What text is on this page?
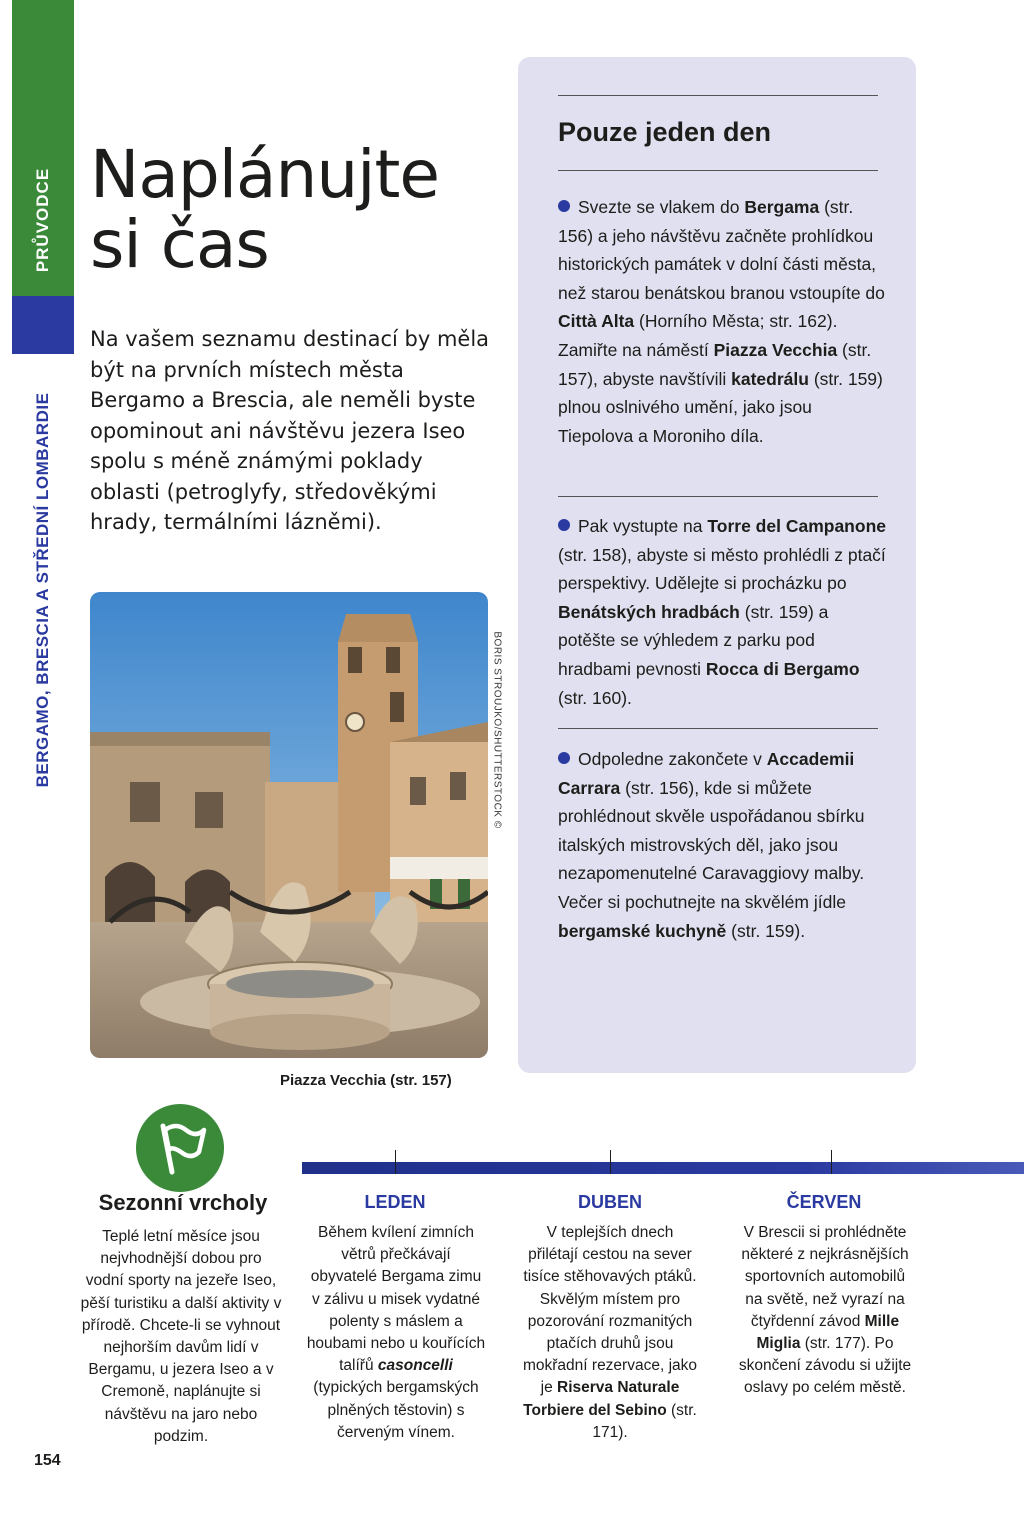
PRŮVODCE
BERGAMO, BRESCIA A STŘEDNÍ LOMBARDIE
Naplánujte
si čas

Na vašem seznamu destinací by měla být na prvních místech města Bergamo a Brescia, ale neměli byste opominout ani návštěvu jezera Iseo spolu s méně známými poklady oblasti (petroglyfy, středověkými hrady, termálními lázněmi).

BORIS STROUJKO/SHUTTERSTOCK ©

Piazza Vecchia (str. 157)

Pouze jeden den

Svezte se vlakem do Bergama (str. 156) a jeho návštěvu začněte prohlídkou historických památek v dolní části města, než starou benátskou branou vstoupíte do Città Alta (Horního Města; str. 162). Zamiřte na náměstí Piazza Vecchia (str. 157), abyste navštívili katedrálu (str. 159) plnou oslnivého umění, jako jsou Tiepolova a Moroniho díla.

Pak vystupte na Torre del Campanone (str. 158), abyste si město prohlédli z ptačí perspektivy. Udělejte si procházku po Benátských hradbách (str. 159) a potěšte se výhledem z parku pod hradbami pevnosti Rocca di Bergamo (str. 160).

Odpoledne zakončete v Accademii Carrara (str. 156), kde si můžete prohlédnout skvěle uspořádanou sbírku italských mistrovských děl, jako jsou nezapomenutelné Caravaggiovy malby. Večer si pochutnejte na skvělém jídle bergamské kuchyně (str. 159).

Sezonní vrcholy

Teplé letní měsíce jsou nejvhodnější dobou pro vodní sporty na jezeře Iseo, pěší turistiku a další aktivity v přírodě. Chcete-li se vyhnout nejhorším davům lidí v Bergamu, u jezera Iseo a v Cremoně, naplánujte si návštěvu na jaro nebo podzim.

LEDEN

Během kvílení zimních větrů přečkávají obyvatelé Bergama zimu v zálivu u misek vydatné polenty s máslem a houbami nebo u kouřících talířů casoncelli (typických bergamských plněných těstovin) s červeným vínem.

DUBEN

V teplejších dnech přilétají cestou na sever tisíce stěhovavých ptáků. Skvělým místem pro pozorování rozmanitých ptačích druhů jsou mokřadní rezervace, jako je Riserva Naturale Torbiere del Sebino (str. 171).

ČERVEN

V Brescii si prohlédněte některé z nejkrásnějších sportovních automobilů na světě, než vyrazí na čtyřdenní závod Mille Miglia (str. 177). Po skončení závodu si užijte oslavy po celém městě.

154
